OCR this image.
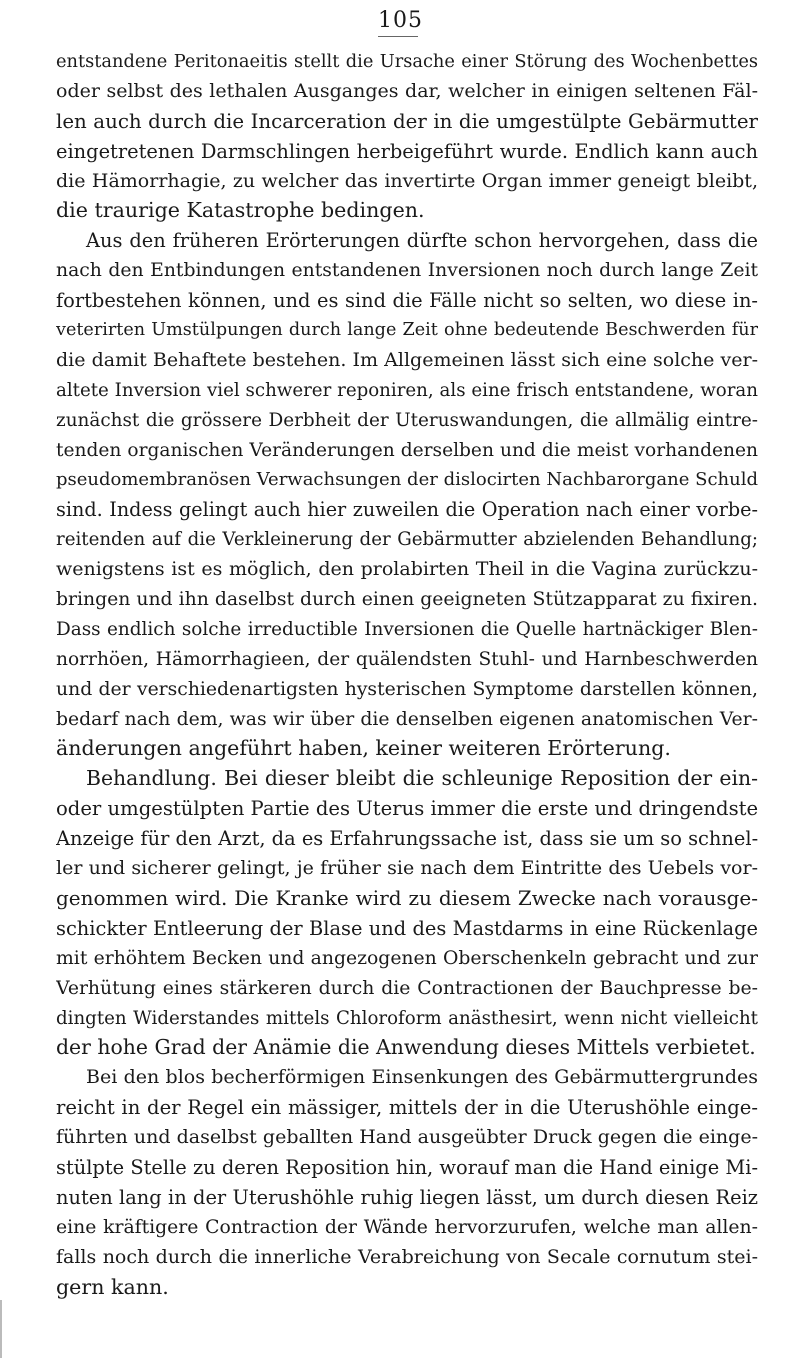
105
entstandene Peritonaeitis stellt die Ursache einer Störung des Wochenbettes
oder selbst des lethalen Ausganges dar, welcher in einigen seltenen Fäl-
len auch durch die Incarceration der in die umgestülpte Gebärmutter
eingetretenen Darmschlingen herbeigeführt wurde. Endlich kann auch
die Hämorrhagie, zu welcher das invertirte Organ immer geneigt bleibt,
die traurige Katastrophe bedingen.
Aus den früheren Erörterungen dürfte schon hervorgehen, dass die
nach den Entbindungen entstandenen Inversionen noch durch lange Zeit
fortbestehen können, und es sind die Fälle nicht so selten, wo diese in-
veterirten Umstülpungen durch lange Zeit ohne bedeutende Beschwerden für
die damit Behaftete bestehen. Im Allgemeinen lässt sich eine solche ver-
altete Inversion viel schwerer reponiren, als eine frisch entstandene, woran
zunächst die grössere Derbheit der Uteruswandungen, die allmälig eintre-
tenden organischen Veränderungen derselben und die meist vorhandenen
pseudomembranösen Verwachsungen der dislocirten Nachbarorgane Schuld
sind. Indess gelingt auch hier zuweilen die Operation nach einer vorbe-
reitenden auf die Verkleinerung der Gebärmutter abzielenden Behandlung;
wenigstens ist es möglich, den prolabirten Theil in die Vagina zurückzu-
bringen und ihn daselbst durch einen geeigneten Stützapparat zu fixiren.
Dass endlich solche irreductible Inversionen die Quelle hartnäckiger Blen-
norrhöen, Hämorrhagieen, der quälendsten Stuhl- und Harnbeschwerden
und der verschiedenartigsten hysterischen Symptome darstellen können,
bedarf nach dem, was wir über die denselben eigenen anatomischen Ver-
änderungen angeführt haben, keiner weiteren Erörterung.
Behandlung. Bei dieser bleibt die schleunige Reposition der ein-
oder umgestülpten Partie des Uterus immer die erste und dringendste
Anzeige für den Arzt, da es Erfahrungssache ist, dass sie um so schnel-
ler und sicherer gelingt, je früher sie nach dem Eintritte des Uebels vor-
genommen wird. Die Kranke wird zu diesem Zwecke nach vorausge-
schickter Entleerung der Blase und des Mastdarms in eine Rückenlage
mit erhöhtem Becken und angezogenen Oberschenkeln gebracht und zur
Verhütung eines stärkeren durch die Contractionen der Bauchpresse be-
dingten Widerstandes mittels Chloroform anästhesirt, wenn nicht vielleicht
der hohe Grad der Anämie die Anwendung dieses Mittels verbietet.
Bei den blos becherförmigen Einsenkungen des Gebärmuttergrundes
reicht in der Regel ein mässiger, mittels der in die Uterushöhle einge-
führten und daselbst geballten Hand ausgeübter Druck gegen die einge-
stülpte Stelle zu deren Reposition hin, worauf man die Hand einige Mi-
nuten lang in der Uterushöhle ruhig liegen lässt, um durch diesen Reiz
eine kräftigere Contraction der Wände hervorzurufen, welche man allen-
falls noch durch die innerliche Verabreichung von Secale cornutum stei-
gern kann.
